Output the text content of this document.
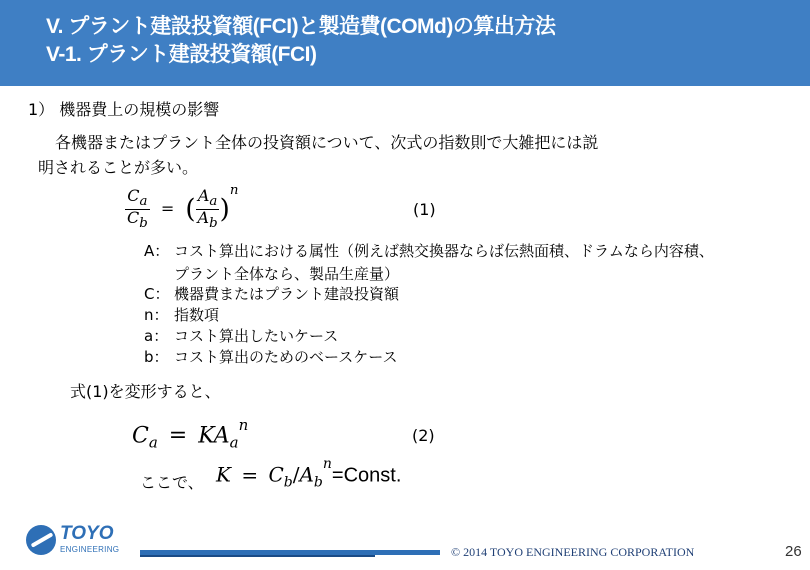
V. プラント建設投資額(FCI)と製造費(COMd)の算出方法
V-1. プラント建設投資額(FCI)
1） 機器費上の規模の影響
各機器またはプラント全体の投資額について、次式の指数則で大雑把には説
明されることが多い。
$\frac{C_a}{C_b}$ = ( $\frac{A_a}{A_b} )^n$
(1)
A： コスト算出における属性（例えば熱交換器ならば伝熱面積、ドラムなら内容積、
プラント全体なら、製品生産量）
C： 機器費またはプラント建設投資額
n： 指数項
a： コスト算出したいケース
b： コスト算出のためのベースケース
式(1)を変形すると、
$C_a = KA_a^n$
(2)
ここで、 $K = C_b/A_b^n=Const$.
TOYO
ENGINEERING	© 2014 TOYO ENGINEERING CORPORATION	26
